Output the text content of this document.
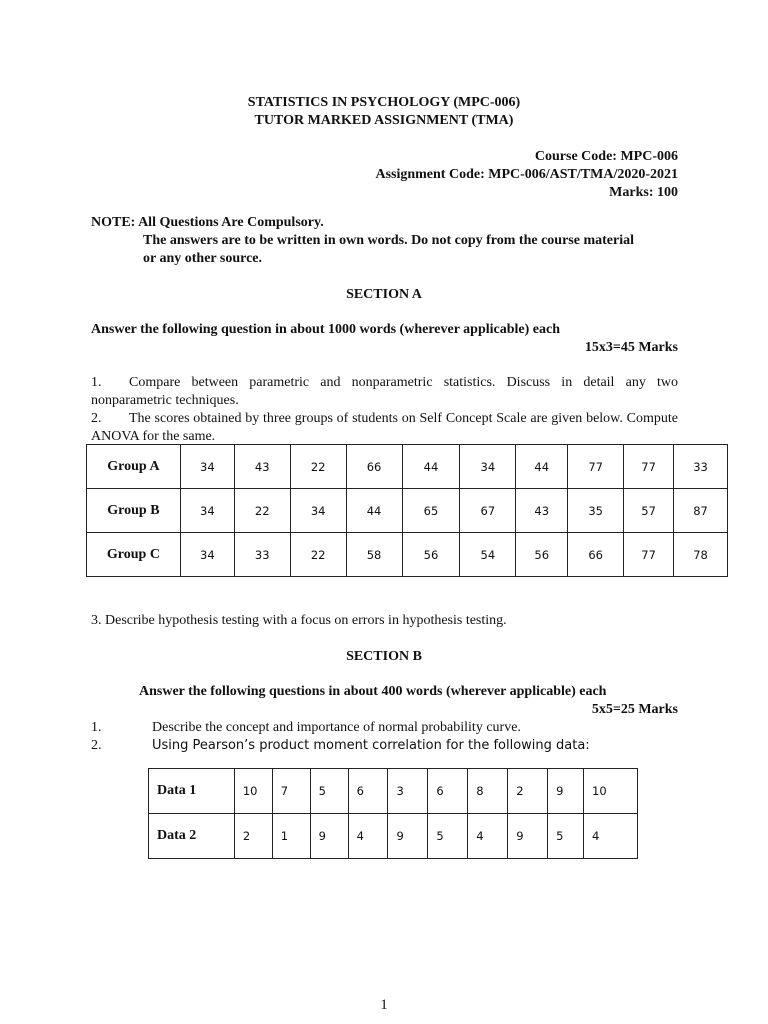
STATISTICS IN PSYCHOLOGY (MPC-006)
TUTOR MARKED ASSIGNMENT (TMA)
Course Code: MPC-006
Assignment Code: MPC-006/AST/TMA/2020-2021
Marks: 100
NOTE: All Questions Are Compulsory.
The answers are to be written in own words. Do not copy from the course material
or any other source.
SECTION A
Answer the following question in about 1000 words (wherever applicable) each
15x3=45 Marks
1. Compare between parametric and nonparametric statistics. Discuss in detail any two nonparametric techniques.
2. The scores obtained by three groups of students on Self Concept Scale are given below. Compute ANOVA for the same.
Group A	34	43	22	66	44	34	44	77	77	33
Group B	34	22	34	44	65	67	43	35	57	87
Group C	34	33	22	58	56	54	56	66	77	78
3. Describe hypothesis testing with a focus on errors in hypothesis testing.
SECTION B
Answer the following questions in about 400 words (wherever applicable) each
5x5=25 Marks
1.	Describe the concept and importance of normal probability curve.
2.	Using Pearson’s product moment correlation for the following data:
Data 1	10	7	5	6	3	6	8	2	9	10
Data 2	2	1	9	4	9	5	4	9	5	4
1
